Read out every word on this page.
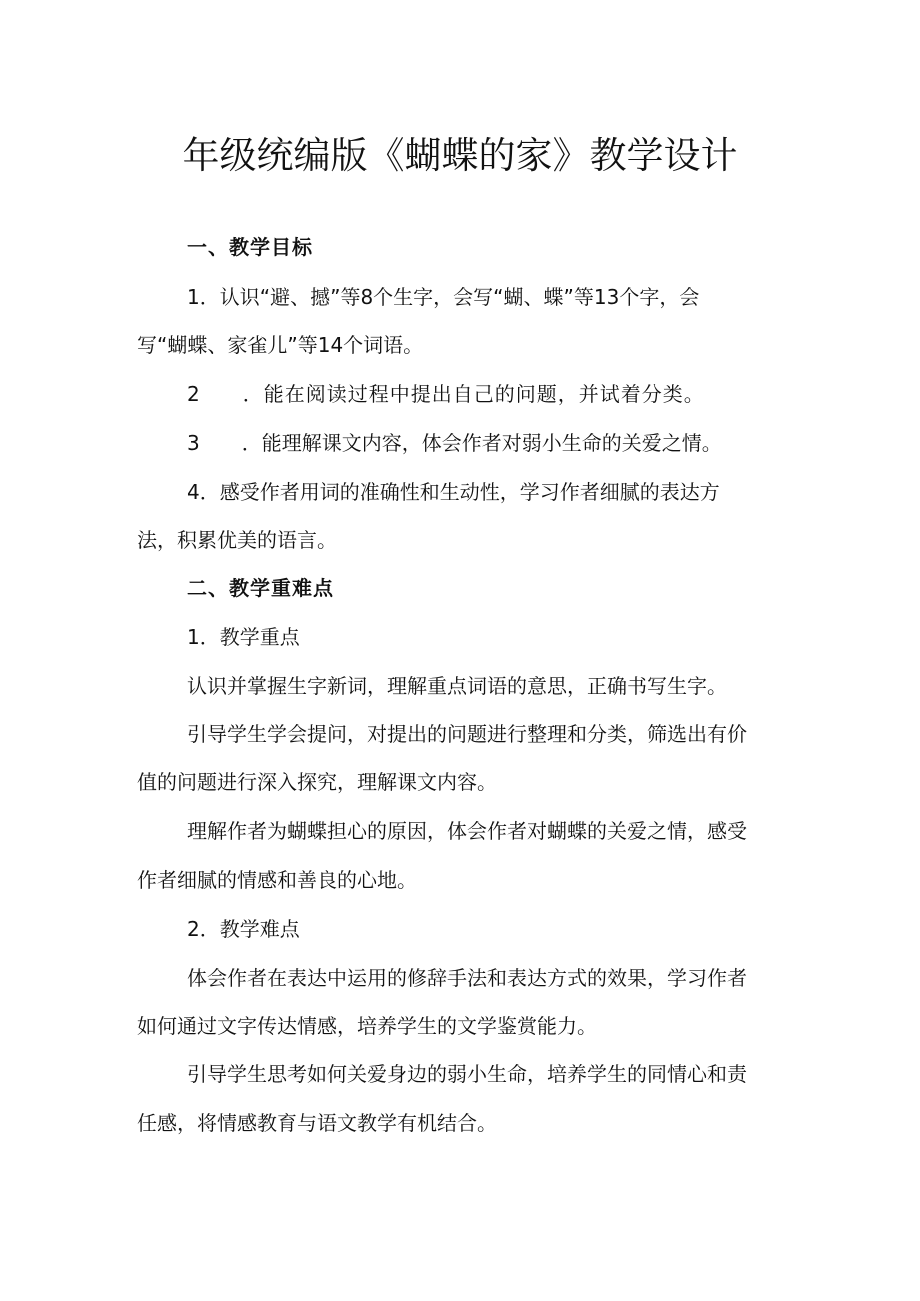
年级统编版《蝴蝶的家》教学设计

一、教学目标

1．认识“避、撼”等8个生字，会写“蝴、蝶”等13个字，会

写“蝴蝶、家雀儿”等14个词语。

2 ．能在阅读过程中提出自己的问题，并试着分类。

3 ．能理解课文内容，体会作者对弱小生命的关爱之情。

4．感受作者用词的准确性和生动性，学习作者细腻的表达方

法，积累优美的语言。

二、教学重难点

1．教学重点

认识并掌握生字新词，理解重点词语的意思，正确书写生字。

引导学生学会提问，对提出的问题进行整理和分类，筛选出有价

值的问题进行深入探究，理解课文内容。

理解作者为蝴蝶担心的原因，体会作者对蝴蝶的关爱之情，感受

作者细腻的情感和善良的心地。

2．教学难点

体会作者在表达中运用的修辞手法和表达方式的效果，学习作者

如何通过文字传达情感，培养学生的文学鉴赏能力。

引导学生思考如何关爱身边的弱小生命，培养学生的同情心和责

任感，将情感教育与语文教学有机结合。
